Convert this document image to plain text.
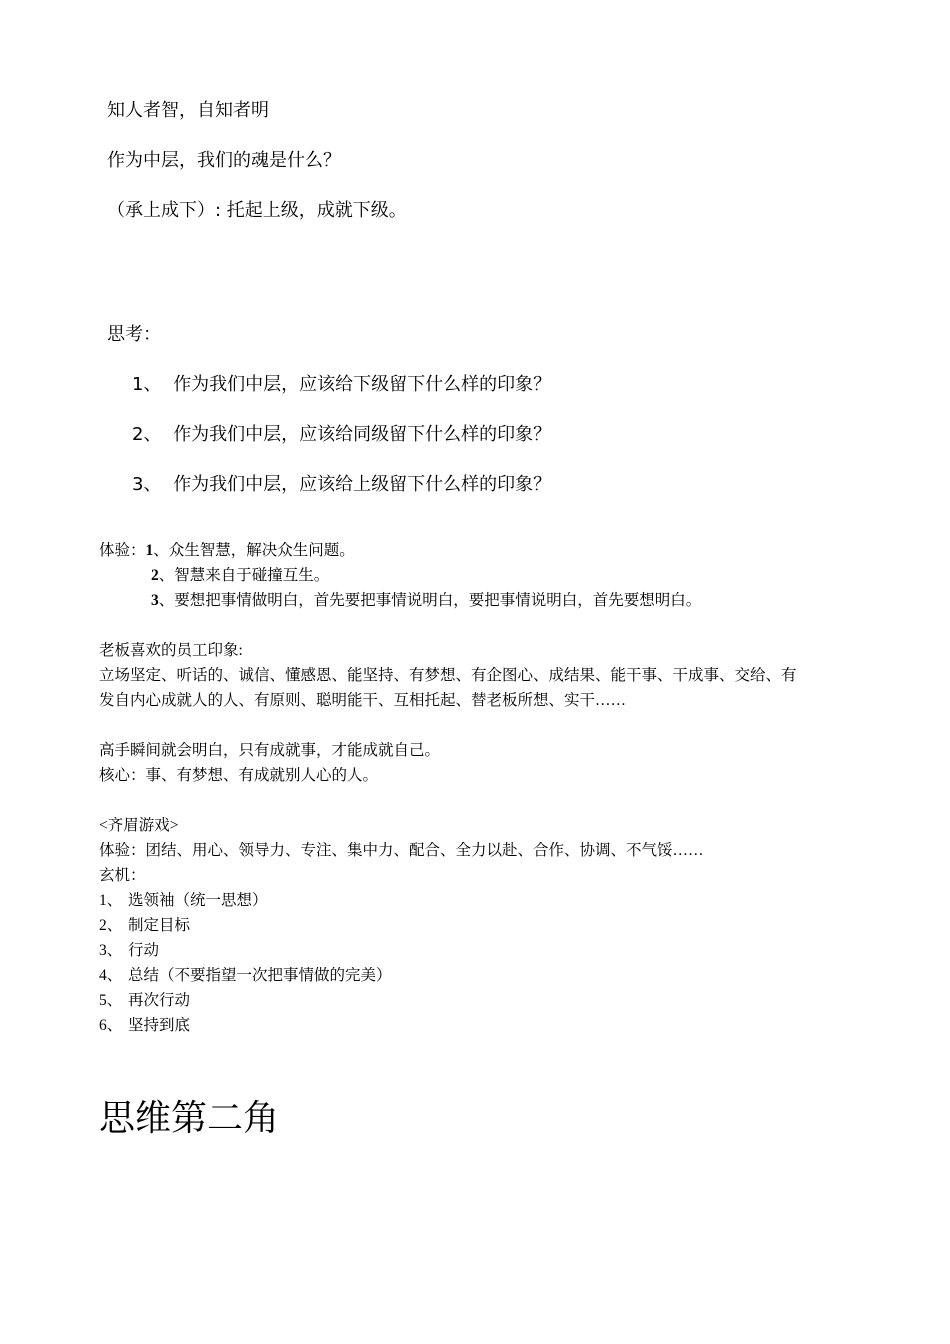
知人者智，自知者明
作为中层，我们的魂是什么？
（承上成下）: 托起上级，成就下级。
思考：
1、 作为我们中层，应该给下级留下什么样的印象？
2、 作为我们中层，应该给同级留下什么样的印象？
3、 作为我们中层，应该给上级留下什么样的印象？
体验：1、众生智慧，解决众生问题。
2、智慧来自于碰撞互生。
3、要想把事情做明白，首先要把事情说明白，要把事情说明白，首先要想明白。
老板喜欢的员工印象:
立场坚定、听话的、诚信、懂感恩、能坚持、有梦想、有企图心、成结果、能干事、干成事、交给、有
发自内心成就人的人、有原则、聪明能干、互相托起、替老板所想、实干……
高手瞬间就会明白，只有成就事，才能成就自己。
核心：事、有梦想、有成就别人心的人。
<齐眉游戏>
体验：团结、用心、领导力、专注、集中力、配合、全力以赴、合作、协调、不气馁……
玄机：
1、 选领袖（统一思想）
2、 制定目标
3、 行动
4、 总结（不要指望一次把事情做的完美）
5、 再次行动
6、 坚持到底
思维第二角
